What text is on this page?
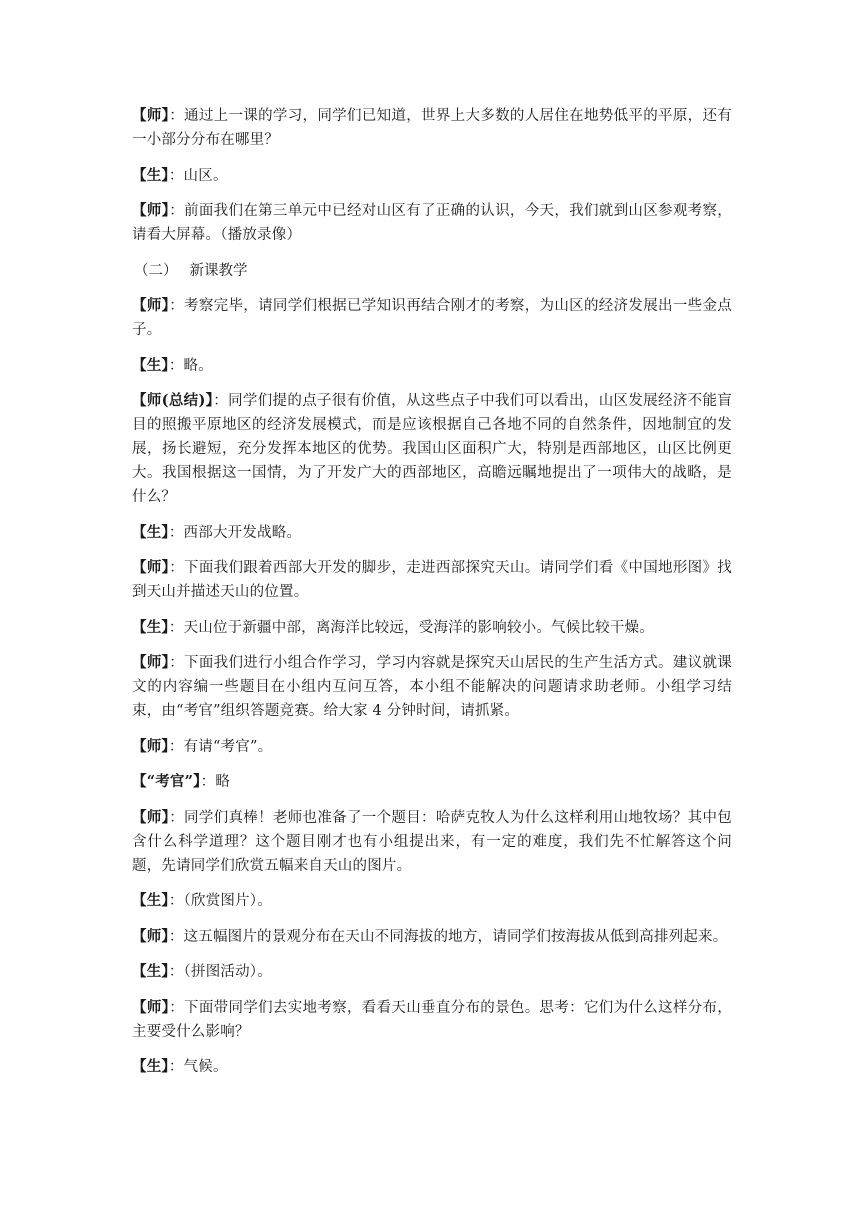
【师】：通过上一课的学习，同学们已知道，世界上大多数的人居住在地势低平的平原，还有一小部分分布在哪里？

【生】：山区。

【师】：前面我们在第三单元中已经对山区有了正确的认识，今天，我们就到山区参观考察，请看大屏幕。（播放录像）

（二） 新课教学

【师】：考察完毕，请同学们根据已学知识再结合刚才的考察，为山区的经济发展出一些金点子。

【生】：略。

【师(总结)】：同学们提的点子很有价值，从这些点子中我们可以看出，山区发展经济不能盲目的照搬平原地区的经济发展模式，而是应该根据自己各地不同的自然条件，因地制宜的发展，扬长避短，充分发挥本地区的优势。我国山区面积广大，特别是西部地区，山区比例更大。我国根据这一国情，为了开发广大的西部地区，高瞻远瞩地提出了一项伟大的战略，是什么？

【生】：西部大开发战略。

【师】：下面我们跟着西部大开发的脚步，走进西部探究天山。请同学们看《中国地形图》找到天山并描述天山的位置。

【生】：天山位于新疆中部，离海洋比较远，受海洋的影响较小。气候比较干燥。

【师】：下面我们进行小组合作学习，学习内容就是探究天山居民的生产生活方式。建议就课文的内容编一些题目在小组内互问互答，本小组不能解决的问题请求助老师。小组学习结束，由“考官”组织答题竞赛。给大家 4 分钟时间，请抓紧。

【师】：有请“考官”。

【“考官”】：略

【师】：同学们真棒！老师也准备了一个题目：哈萨克牧人为什么这样利用山地牧场？其中包含什么科学道理？这个题目刚才也有小组提出来，有一定的难度，我们先不忙解答这个问题，先请同学们欣赏五幅来自天山的图片。

【生】：（欣赏图片）。

【师】：这五幅图片的景观分布在天山不同海拔的地方，请同学们按海拔从低到高排列起来。

【生】：（拼图活动）。

【师】：下面带同学们去实地考察，看看天山垂直分布的景色。思考：它们为什么这样分布，主要受什么影响？

【生】：气候。
